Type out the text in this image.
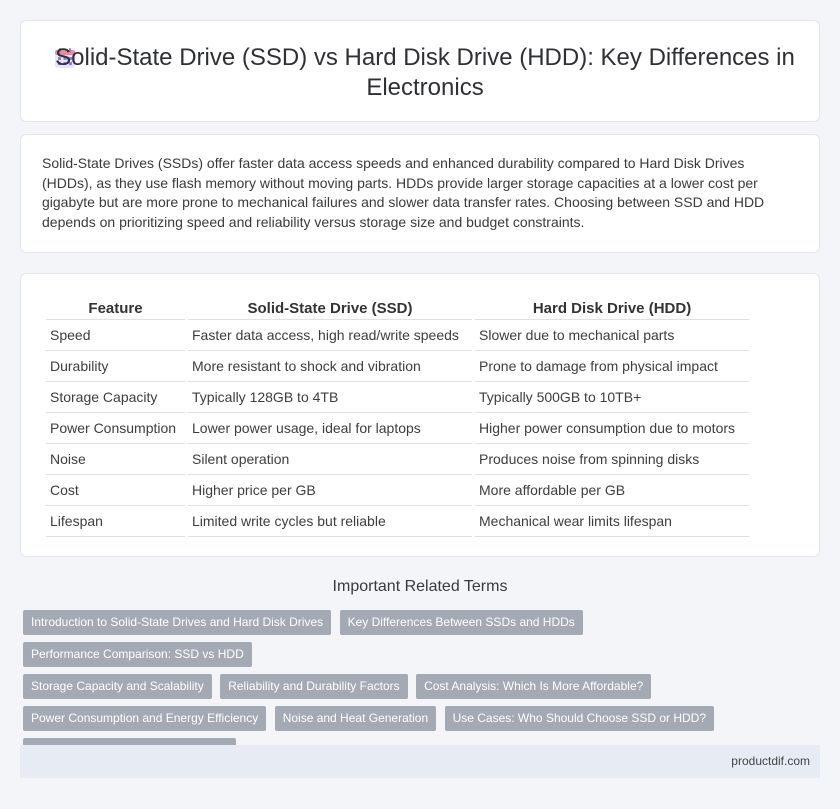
Solid-State Drive (SSD) vs Hard Disk Drive (HDD): Key Differences in Electronics

Solid-State Drives (SSDs) offer faster data access speeds and enhanced durability compared to Hard Disk Drives (HDDs), as they use flash memory without moving parts. HDDs provide larger storage capacities at a lower cost per gigabyte but are more prone to mechanical failures and slower data transfer rates. Choosing between SSD and HDD depends on prioritizing speed and reliability versus storage size and budget constraints.

Feature	Solid-State Drive (SSD)	Hard Disk Drive (HDD)
Speed	Faster data access, high read/write speeds	Slower due to mechanical parts
Durability	More resistant to shock and vibration	Prone to damage from physical impact
Storage Capacity	Typically 128GB to 4TB	Typically 500GB to 10TB+
Power Consumption	Lower power usage, ideal for laptops	Higher power consumption due to motors
Noise	Silent operation	Produces noise from spinning disks
Cost	Higher price per GB	More affordable per GB
Lifespan	Limited write cycles but reliable	Mechanical wear limits lifespan
Important Related Terms
Introduction to Solid-State Drives and Hard Disk Drives Key Differences Between SSDs and HDDs Performance Comparison: SSD vs HDD
Storage Capacity and Scalability Reliability and Durability Factors Cost Analysis: Which Is More Affordable?
Power Consumption and Energy Efficiency Noise and Heat Generation Use Cases: Who Should Choose SSD or HDD?

productdif.com
